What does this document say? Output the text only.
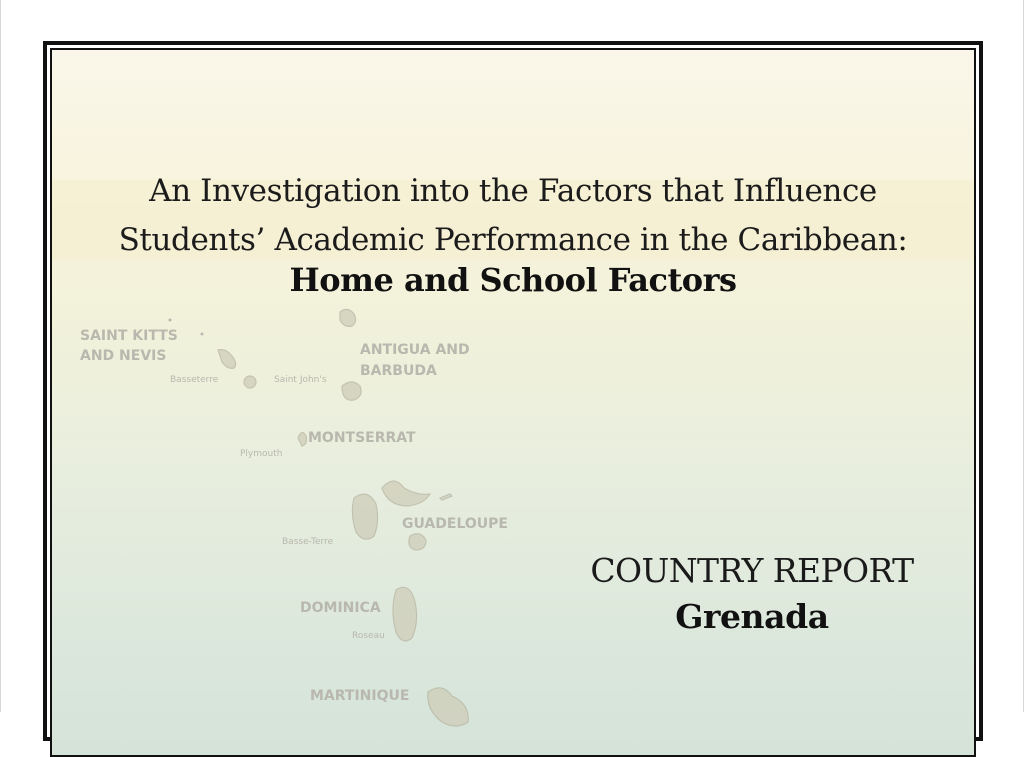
SAINT KITTS
AND NEVIS
Basseterre
ANTIGUA AND
BARBUDA
Saint John's
MONTSERRAT
Plymouth
GUADELOUPE
Basse-Terre
DOMINICA
Roseau
MARTINIQUE
An Investigation into the Factors that Influence
Students’ Academic Performance in the Caribbean:
Home and School Factors
COUNTRY REPORT
Grenada
